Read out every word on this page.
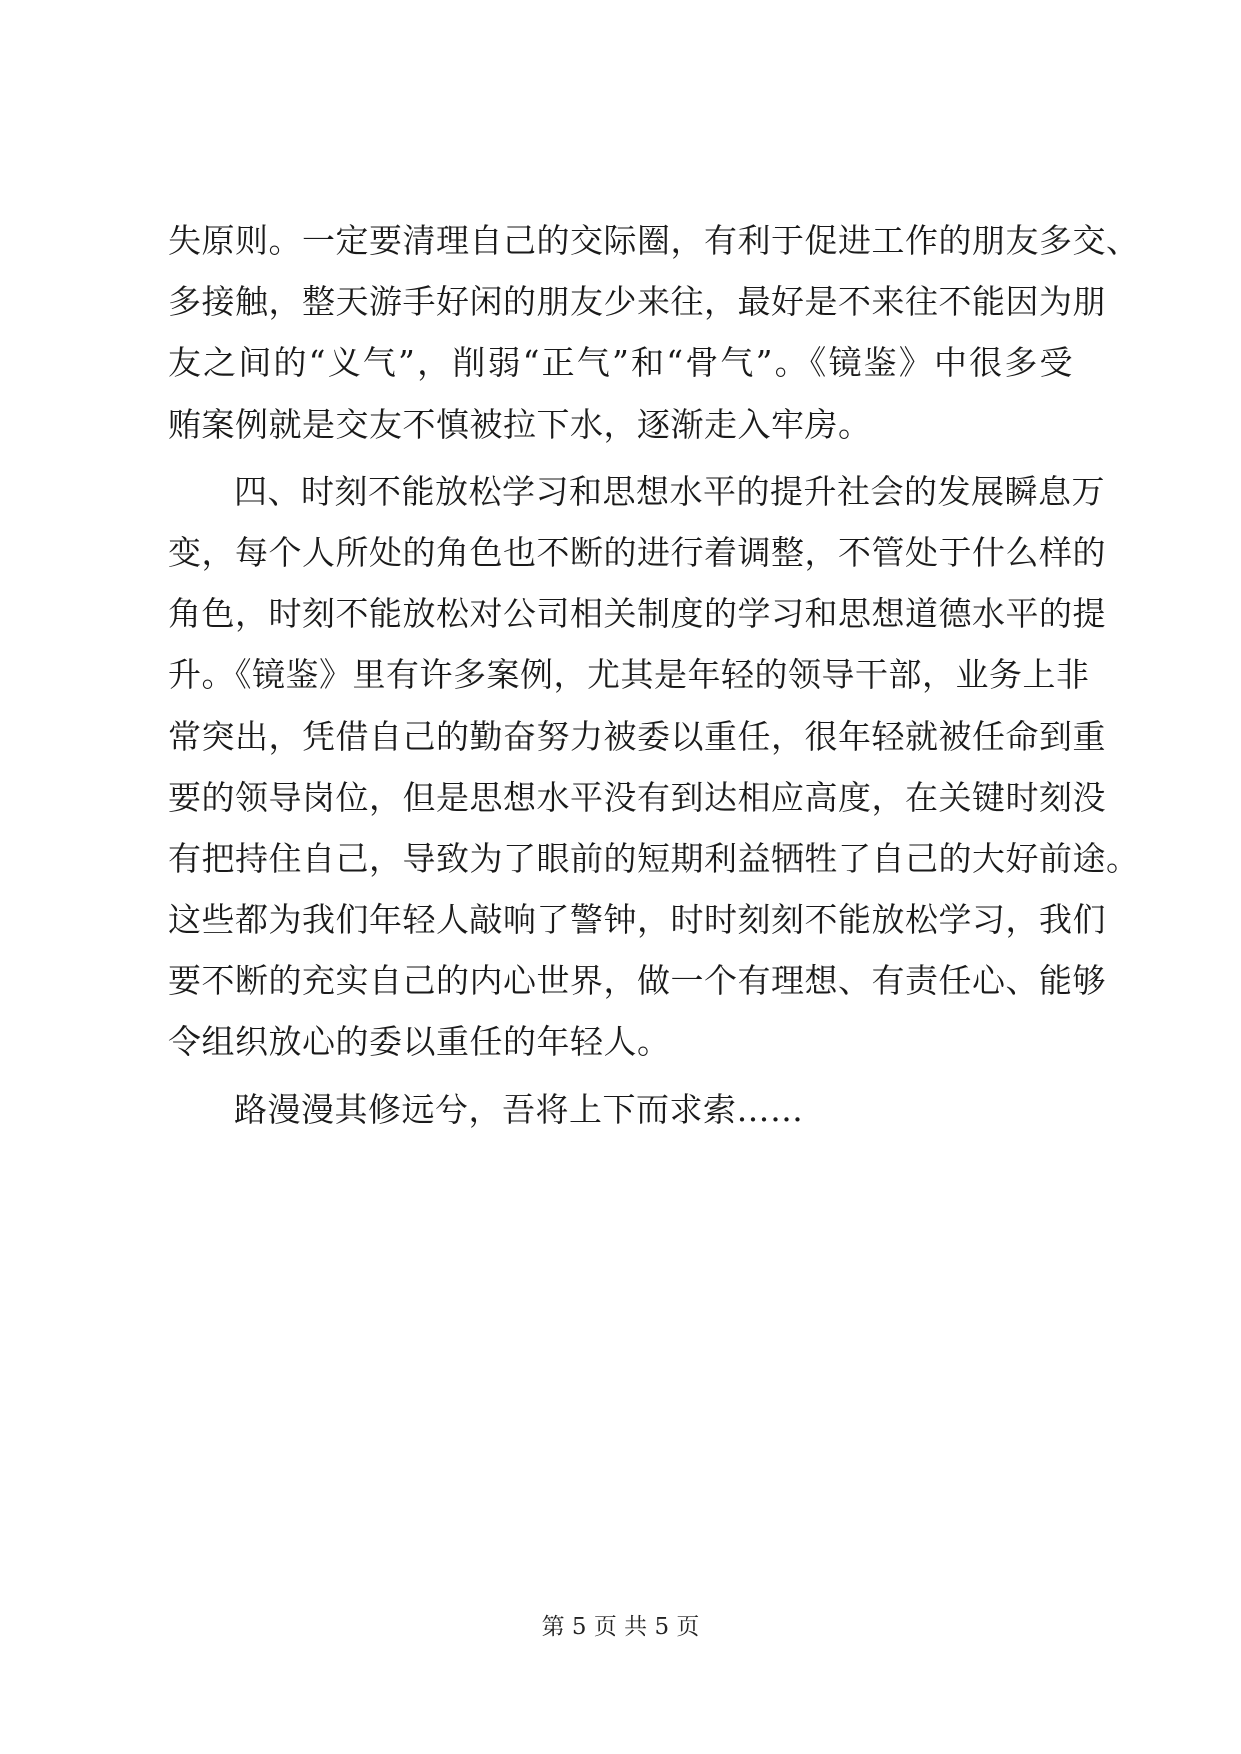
失原则。一定要清理自己的交际圈，有利于促进工作的朋友多交、
多接触，整天游手好闲的朋友少来往，最好是不来往不能因为朋
友之间的“义气”，削弱“正气”和“骨气”。《镜鉴》中很多受
贿案例就是交友不慎被拉下水，逐渐走入牢房。
四、时刻不能放松学习和思想水平的提升社会的发展瞬息万
变，每个人所处的角色也不断的进行着调整，不管处于什么样的
角色，时刻不能放松对公司相关制度的学习和思想道德水平的提
升。《镜鉴》里有许多案例，尤其是年轻的领导干部，业务上非
常突出，凭借自己的勤奋努力被委以重任，很年轻就被任命到重
要的领导岗位，但是思想水平没有到达相应高度，在关键时刻没
有把持住自己，导致为了眼前的短期利益牺牲了自己的大好前途。
这些都为我们年轻人敲响了警钟，时时刻刻不能放松学习，我们
要不断的充实自己的内心世界，做一个有理想、有责任心、能够
令组织放心的委以重任的年轻人。
路漫漫其修远兮，吾将上下而求索……
第 5 页 共 5 页
